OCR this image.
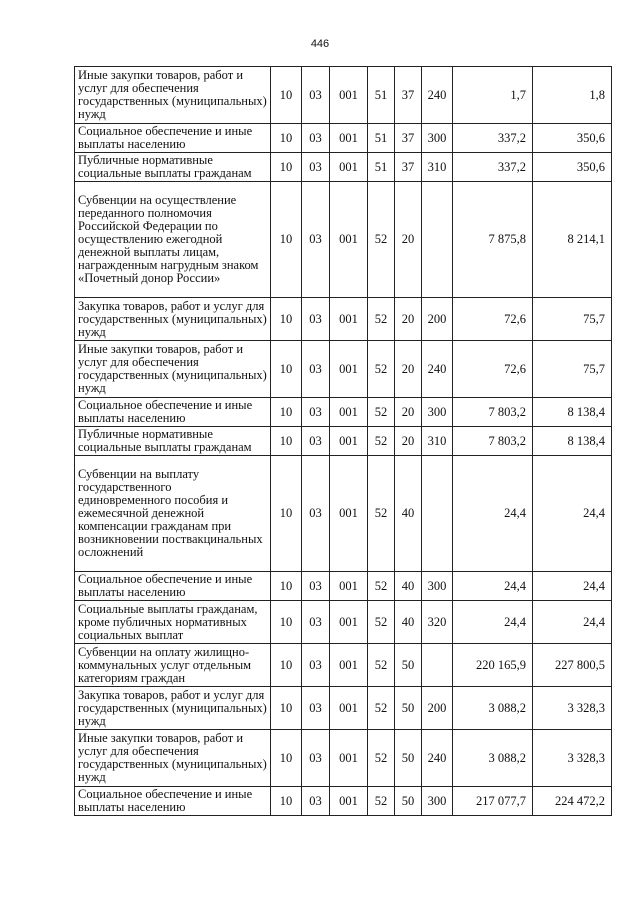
446
Иные закупки товаров, работ и услуг для обеспечения государственных (муниципальных) нужд	10	03	001	51	37	240	1,7	1,8
Социальное обеспечение и иные выплаты населению	10	03	001	51	37	300	337,2	350,6
Публичные нормативные социальные выплаты гражданам	10	03	001	51	37	310	337,2	350,6
Субвенции на осуществление переданного полномочия Российской Федерации по осуществлению ежегодной денежной выплаты лицам, награжденным нагрудным знаком «Почетный донор России»	10	03	001	52	20		7 875,8	8 214,1
Закупка товаров, работ и услуг для государственных (муниципальных) нужд	10	03	001	52	20	200	72,6	75,7
Иные закупки товаров, работ и услуг для обеспечения государственных (муниципальных) нужд	10	03	001	52	20	240	72,6	75,7
Социальное обеспечение и иные выплаты населению	10	03	001	52	20	300	7 803,2	8 138,4
Публичные нормативные социальные выплаты гражданам	10	03	001	52	20	310	7 803,2	8 138,4
Субвенции на выплату государственного единовременного пособия и ежемесячной денежной компенсации гражданам при возникновении поствакцинальных осложнений	10	03	001	52	40		24,4	24,4
Социальное обеспечение и иные выплаты населению	10	03	001	52	40	300	24,4	24,4
Социальные выплаты гражданам, кроме публичных нормативных социальных выплат	10	03	001	52	40	320	24,4	24,4
Субвенции на оплату жилищно-коммунальных услуг отдельным категориям граждан	10	03	001	52	50		220 165,9	227 800,5
Закупка товаров, работ и услуг для государственных (муниципальных) нужд	10	03	001	52	50	200	3 088,2	3 328,3
Иные закупки товаров, работ и услуг для обеспечения государственных (муниципальных) нужд	10	03	001	52	50	240	3 088,2	3 328,3
Социальное обеспечение и иные выплаты населению	10	03	001	52	50	300	217 077,7	224 472,2
